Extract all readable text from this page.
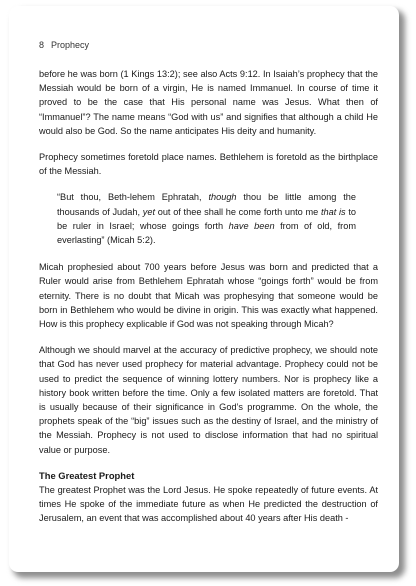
8 Prophecy

before he was born (1 Kings 13:2); see also Acts 9:12. In Isaiah’s prophecy that the Messiah would be born of a virgin, He is named Immanuel. In course of time it proved to be the case that His personal name was Jesus. What then of “Immanuel”? The name means “God with us” and signifies that although a child He would also be God. So the name anticipates His deity and humanity.

Prophecy sometimes foretold place names. Bethlehem is foretold as the birthplace of the Messiah.

“But thou, Beth-lehem Ephratah, though thou be little among the thousands of Judah, yet out of thee shall he come forth unto me that is to be ruler in Israel; whose goings forth have been from of old, from everlasting” (Micah 5:2).

Micah prophesied about 700 years before Jesus was born and predicted that a Ruler would arise from Bethlehem Ephratah whose “goings forth” would be from eternity. There is no doubt that Micah was prophesying that someone would be born in Bethlehem who would be divine in origin. This was exactly what happened. How is this prophecy explicable if God was not speaking through Micah?

Although we should marvel at the accuracy of predictive prophecy, we should note that God has never used prophecy for material advantage. Prophecy could not be used to predict the sequence of winning lottery numbers. Nor is prophecy like a history book written before the time. Only a few isolated matters are foretold. That is usually because of their significance in God’s programme. On the whole, the prophets speak of the “big” issues such as the destiny of Israel, and the ministry of the Messiah. Prophecy is not used to disclose information that had no spiritual value or purpose.

The Greatest Prophet

The greatest Prophet was the Lord Jesus. He spoke repeatedly of future events. At times He spoke of the immediate future as when He predicted the destruction of Jerusalem, an event that was accomplished about 40 years after His death -
